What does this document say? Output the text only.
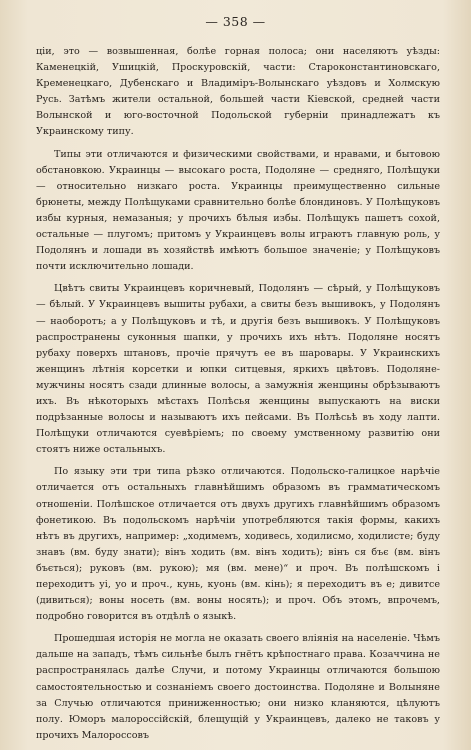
— 358 —

ціи, это — возвышенная, болѣе горная полоса; они населяютъ уѣзды: Каменецкій, Ушицкій, Проскуровскій, части: Староконстантиновскаго, Кременецкаго, Дубенскаго и Владиміръ-Волынскаго уѣздовъ и Холмскую Русь. Затѣмъ жители остальной, большей части Кіевской, средней части Волынской и юго-восточной Подольской губерніи принадлежатъ къ Украинскому типу.

Типы эти отличаются и физическими свойствами, и нравами, и бытовою обстановкою. Украинцы — высокаго роста, Подоляне — средняго, Полѣщуки — относительно низкаго роста. Украинцы преимущественно сильные брюнеты, между Полѣщуками сравнительно болѣе блондиновъ. У Полѣщуковъ избы курныя, немазаныя; у прочихъ бѣлыя избы. Полѣщукъ пашетъ сохой, остальные — плугомъ; притомъ у Украинцевъ волы играютъ главную роль, у Подолянъ и лошади въ хозяйствѣ имѣютъ большое значеніе; у Полѣщуковъ почти исключительно лошади.

Цвѣтъ свиты Украинцевъ коричневый, Подолянъ — сѣрый, у Полѣщуковъ — бѣлый. У Украинцевъ вышиты рубахи, а свиты безъ вышивокъ, у Подолянъ — наоборотъ; а у Полѣщуковъ и тѣ, и другія безъ вышивокъ. У Полѣщуковъ распространены суконныя шапки, у прочихъ ихъ нѣтъ. Подоляне носятъ рубаху поверхъ штановъ, прочіе прячутъ ее въ шаровары. У Украинскихъ женщинъ лѣтнія корсетки и юпки ситцевыя, яркихъ цвѣтовъ. Подоляне-мужчины носятъ сзади длинные волосы, а замужнія женщины обрѣзываютъ ихъ. Въ нѣкоторыхъ мѣстахъ Полѣсья женщины выпускаютъ на виски подрѣзанные волосы и называютъ ихъ пейсами. Въ Полѣсьѣ въ ходу лапти. Полѣщуки отличаются суевѣріемъ; по своему умственному развитію они стоятъ ниже остальныхъ.

По языку эти три типа рѣзко отличаются. Подольско-галицкое нарѣчіе отличается отъ остальныхъ главнѣйшимъ образомъ въ грамматическомъ отношеніи. Полѣшское отличается отъ двухъ другихъ главнѣйшимъ образомъ фонетикою. Въ подольскомъ нарѣчіи употребляются такія формы, какихъ нѣтъ въ другихъ, например: „ходимемъ, ходивесь, ходилисмо, ходилисте; буду знавъ (вм. буду знати); вінъ ходить (вм. вінъ ходить); вінъ ся бъє (вм. вінъ бъється); руковъ (вм. рукою); мя (вм. мене)“ и проч. Въ полѣшскомъ і переходитъ уі, уо и проч., кунь, куонь (вм. кінь); я переходитъ въ е; дивитсе (дивиться); воны носеть (вм. воны носять); и проч. Объ этомъ, впрочемъ, подробно говорится въ отдѣлѣ о языкѣ.

Прошедшая исторія не могла не оказать своего вліянія на населеніе. Чѣмъ дальше на западъ, тѣмъ сильнѣе былъ гнётъ крѣпостнаго права. Козаччина не распространялась далѣе Случи, и потому Украинцы отличаются большою самостоятельностью и сознаніемъ своего достоинства. Подоляне и Волыняне за Случью отличаются приниженностью; они низко кланяются, цѣлуютъ полу. Юморъ малороссійскій, блещущій у Украинцевъ, далеко не таковъ у прочихъ Малороссовъ
